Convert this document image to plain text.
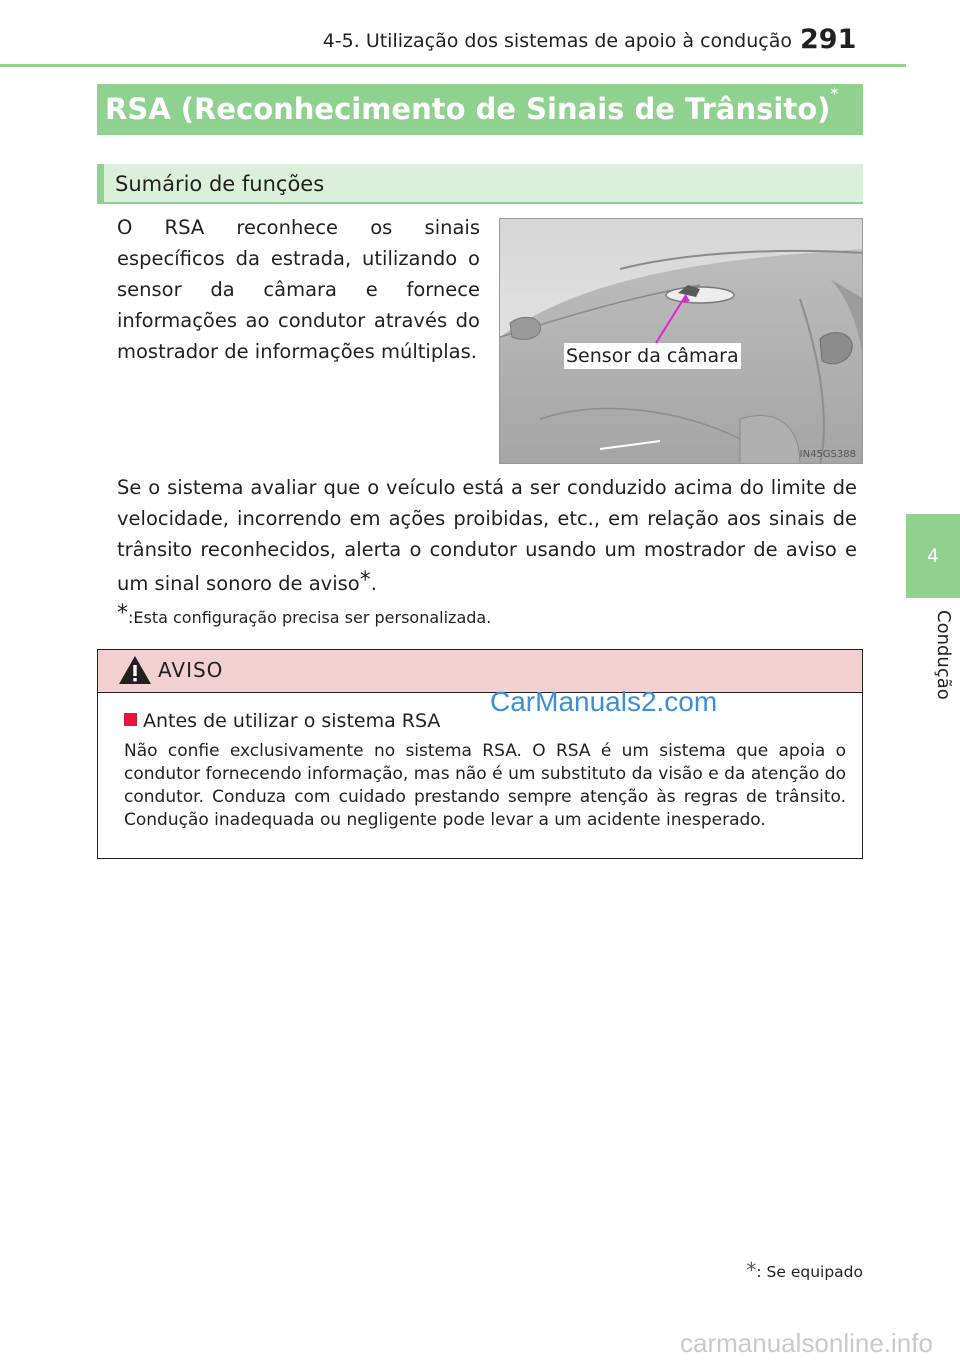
4-5. Utilização dos sistemas de apoio à condução 291
4
Condução
RSA (Reconhecimento de Sinais de Trânsito)*
Sumário de funções

O RSA reconhece os sinais específicos da estrada, utilizando o sensor da câmara e fornece informações ao condutor através do mostrador de informações múltiplas.	Sensor da câmara
IN45GS388

Se o sistema avaliar que o veículo está a ser conduzido acima do limite de velocidade, incorrendo em ações proibidas, etc., em relação aos sinais de trânsito reconhecidos, alerta o condutor usando um mostrador de aviso e um sinal sonoro de aviso*.

*:Esta configuração precisa ser personalizada.
AVISO
Antes de utilizar o sistema RSA

Não confie exclusivamente no sistema RSA. O RSA é um sistema que apoia o condutor fornecendo informação, mas não é um substituto da visão e da atenção do condutor. Conduza com cuidado prestando sempre atenção às regras de trânsito. Condução inadequada ou negligente pode levar a um acidente inesperado.

CarManuals2.com
*: Se equipado
carmanualsonline.info
